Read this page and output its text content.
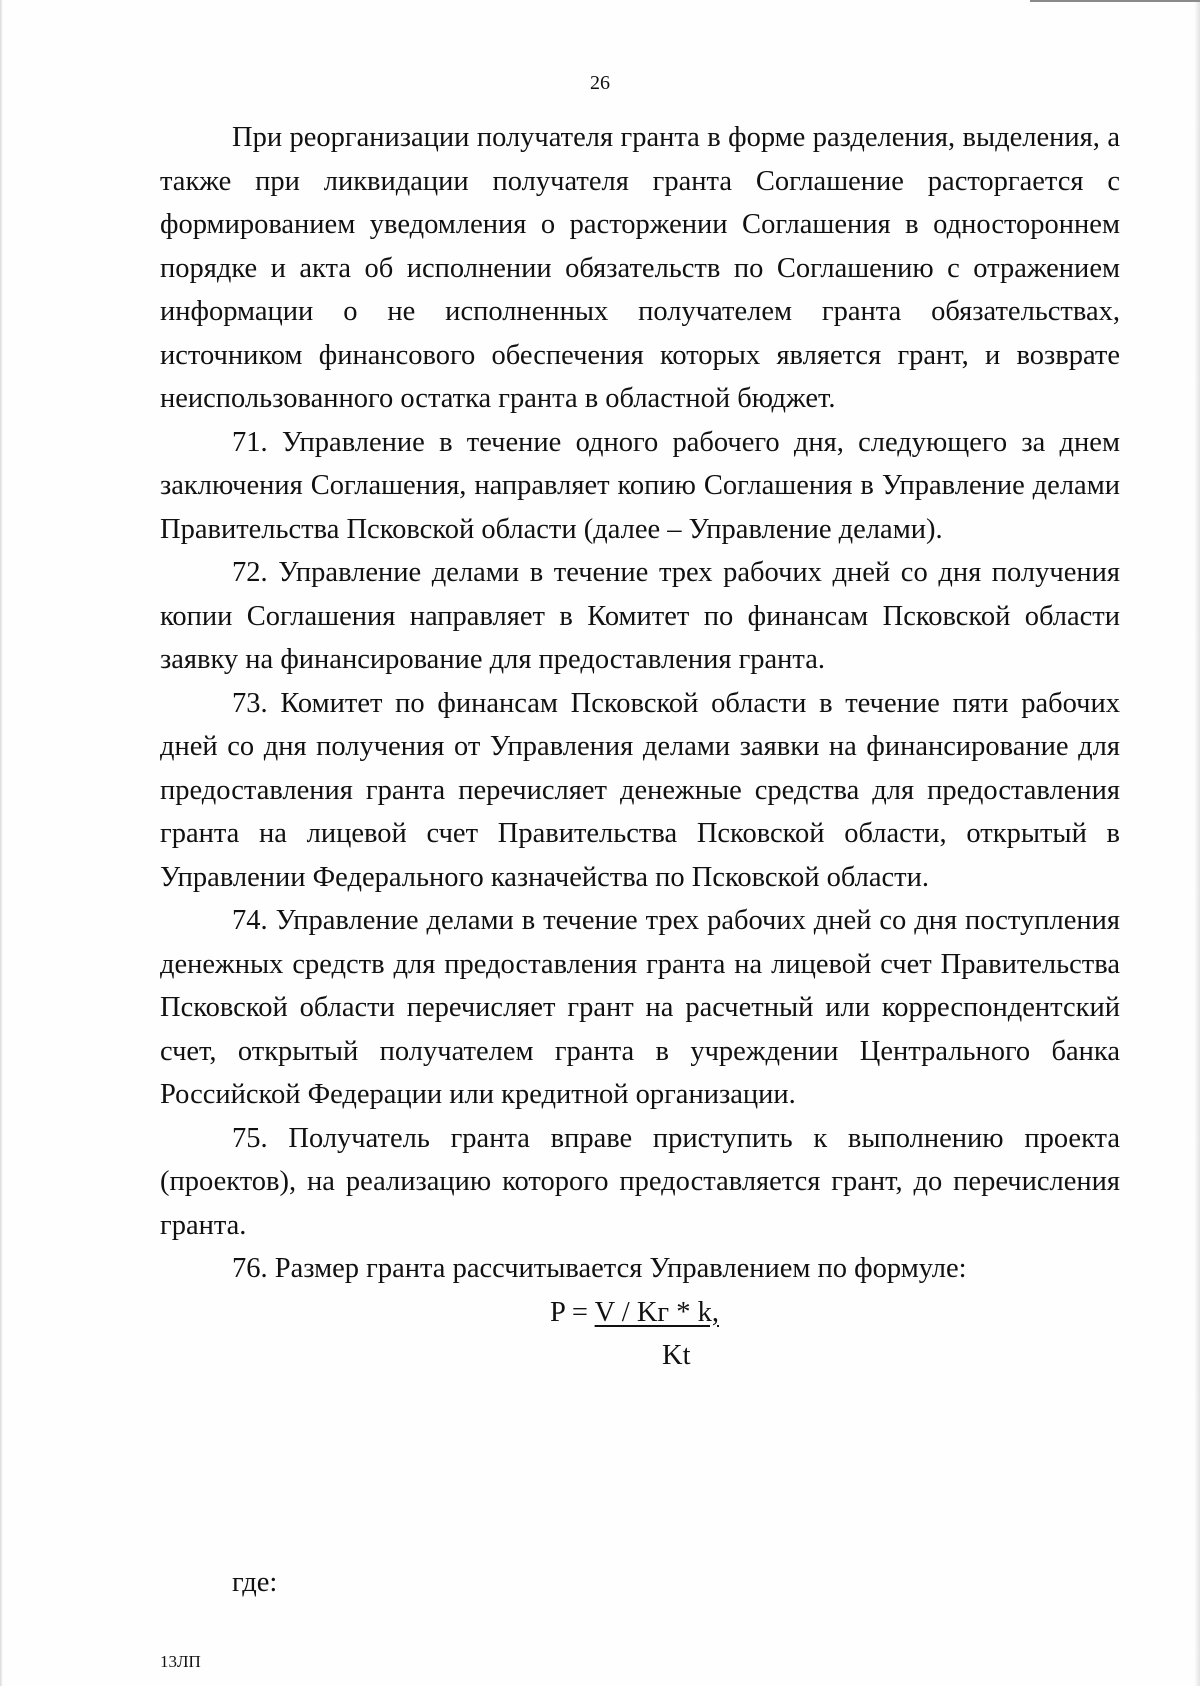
26

При реорганизации получателя гранта в форме разделения, выделения, а также при ликвидации получателя гранта Соглашение расторгается с формированием уведомления о расторжении Соглашения в одностороннем порядке и акта об исполнении обязательств по Соглашению с отражением информации о не исполненных получателем гранта обязательствах, источником финансового обеспечения которых является грант, и возврате неиспользованного остатка гранта в областной бюджет.

71. Управление в течение одного рабочего дня, следующего за днем заключения Соглашения, направляет копию Соглашения в Управление делами Правительства Псковской области (далее – Управление делами).

72. Управление делами в течение трех рабочих дней со дня получения копии Соглашения направляет в Комитет по финансам Псковской области заявку на финансирование для предоставления гранта.

73. Комитет по финансам Псковской области в течение пяти рабочих дней со дня получения от Управления делами заявки на финансирование для предоставления гранта перечисляет денежные средства для предоставления гранта на лицевой счет Правительства Псковской области, открытый в Управлении Федерального казначейства по Псковской области.

74. Управление делами в течение трех рабочих дней со дня поступления денежных средств для предоставления гранта на лицевой счет Правительства Псковской области перечисляет грант на расчетный или корреспондентский счет, открытый получателем гранта в учреждении Центрального банка Российской Федерации или кредитной организации.

75. Получатель гранта вправе приступить к выполнению проекта (проектов), на реализацию которого предоставляется грант, до перечисления гранта.

76. Размер гранта рассчитывается Управлением по формуле:

P = V / Kг * k,
Kt
где:
13ЛП
